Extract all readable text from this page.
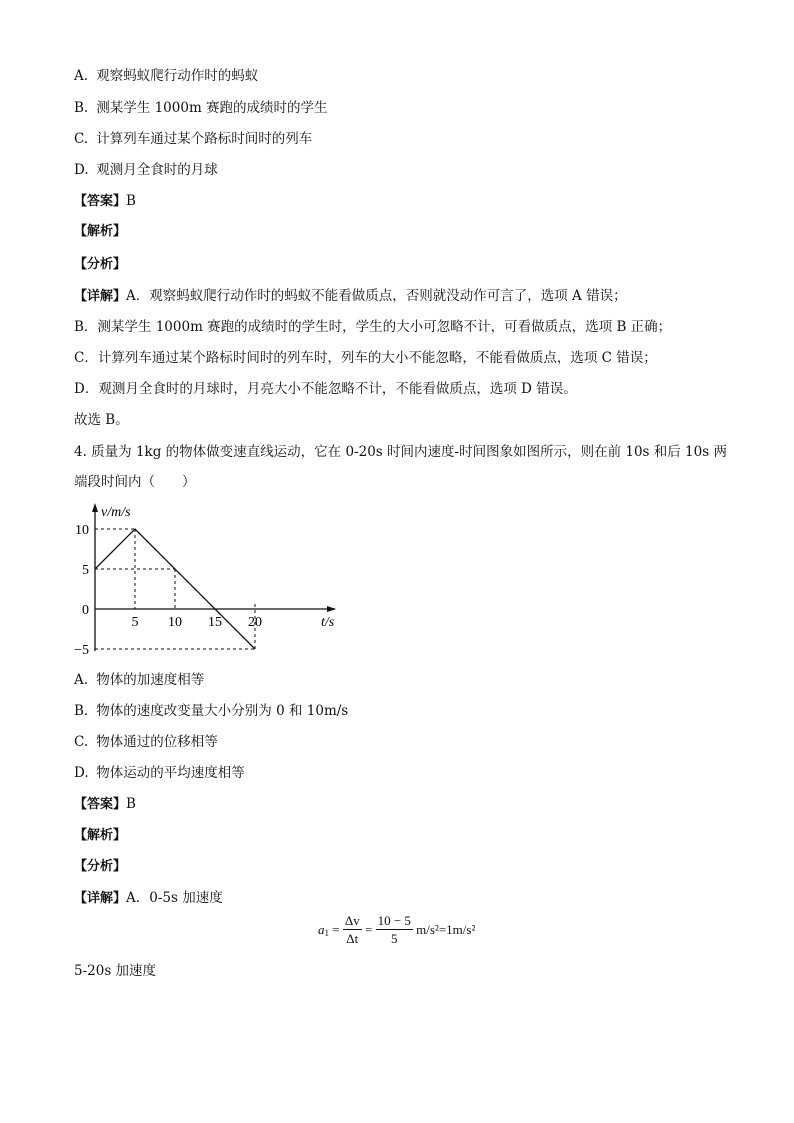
A. 观察蚂蚁爬行动作时的蚂蚁
B. 测某学生 1000m 赛跑的成绩时的学生
C. 计算列车通过某个路标时间时的列车
D. 观测月全食时的月球
【答案】B
【解析】
【分析】
【详解】A．观察蚂蚁爬行动作时的蚂蚁不能看做质点，否则就没动作可言了，选项 A 错误；
B．测某学生 1000m 赛跑的成绩时的学生时，学生的大小可忽略不计，可看做质点，选项 B 正确；
C．计算列车通过某个路标时间时的列车时，列车的大小不能忽略，不能看做质点，选项 C 错误；
D．观测月全食时的月球时，月亮大小不能忽略不计，不能看做质点，选项 D 错误。
故选 B。
4. 质量为 1kg 的物体做变速直线运动，它在 0-20s 时间内速度-时间图象如图所示，则在前 10s 和后 10s 两
端段时间内（　　）
5 10 15 20
10
5
0
−5
v/m/s
t/s
A. 物体的加速度相等
B. 物体的速度改变量大小分别为 0 和 10m/s
C. 物体通过的位移相等
D. 物体运动的平均速度相等
【答案】B
【解析】
【分析】
【详解】A．0-5s 加速度
$a_1 = \frac{\Delta v}{\Delta t} = \frac{10 - 5}{5} m/s^2=1m/s^2$
5-20s 加速度
